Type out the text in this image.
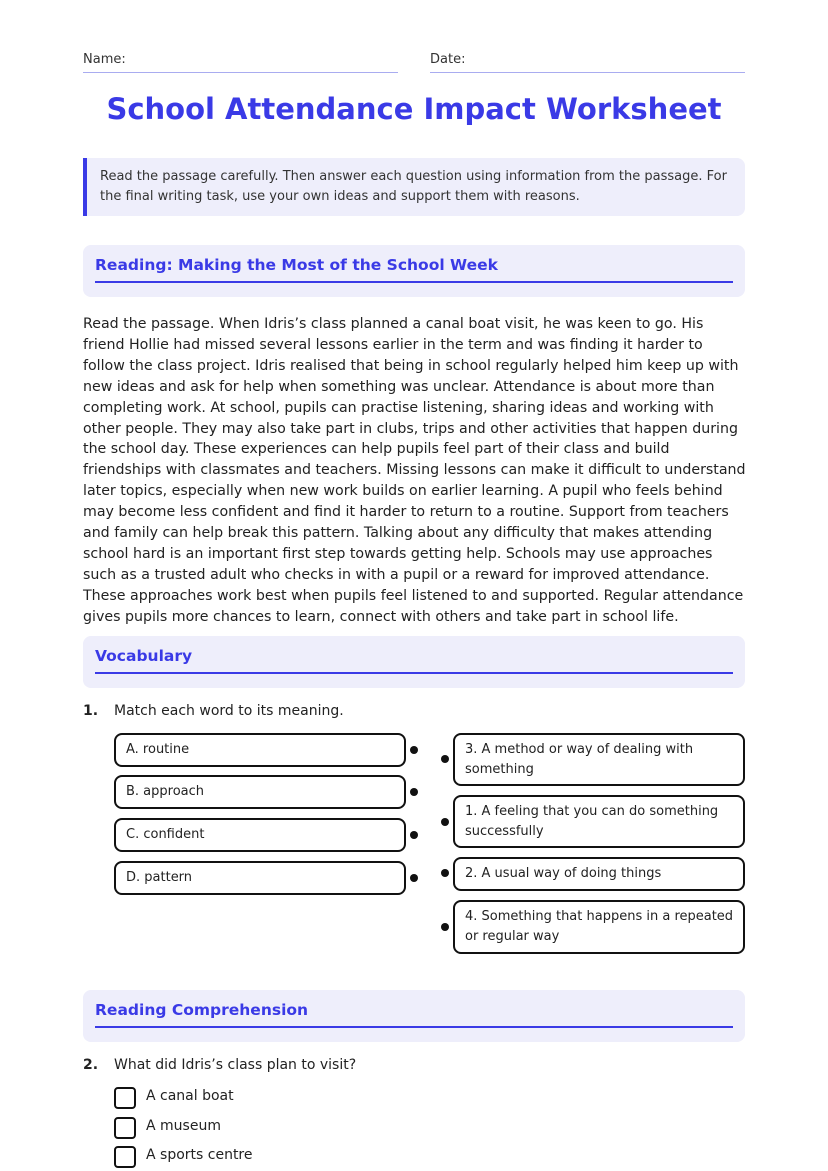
Name:	Date:
School Attendance Impact Worksheet
Read the passage carefully. Then answer each question using information from the passage. For the final writing task, use your own ideas and support them with reasons.
Reading: Making the Most of the School Week

Read the passage. When Idris’s class planned a canal boat visit, he was keen to go. His friend Hollie had missed several lessons earlier in the term and was finding it harder to follow the class project. Idris realised that being in school regularly helped him keep up with new ideas and ask for help when something was unclear. Attendance is about more than completing work. At school, pupils can practise listening, sharing ideas and working with other people. They may also take part in clubs, trips and other activities that happen during the school day. These experiences can help pupils feel part of their class and build friendships with classmates and teachers. Missing lessons can make it difficult to understand later topics, especially when new work builds on earlier learning. A pupil who feels behind may become less confident and find it harder to return to a routine. Support from teachers and family can help break this pattern. Talking about any difficulty that makes attending school hard is an important first step towards getting help. Schools may use approaches such as a trusted adult who checks in with a pupil or a reward for improved attendance. These approaches work best when pupils feel listened to and supported. Regular attendance gives pupils more chances to learn, connect with others and take part in school life.

Vocabulary
1. Match each word to its meaning.
A. routine
B. approach
C. confident
D. pattern
3. A method or way of dealing with something
1. A feeling that you can do something successfully
2. A usual way of doing things
4. Something that happens in a repeated or regular way
Reading Comprehension
2. What did Idris’s class plan to visit?
A canal boat
A museum
A sports centre
